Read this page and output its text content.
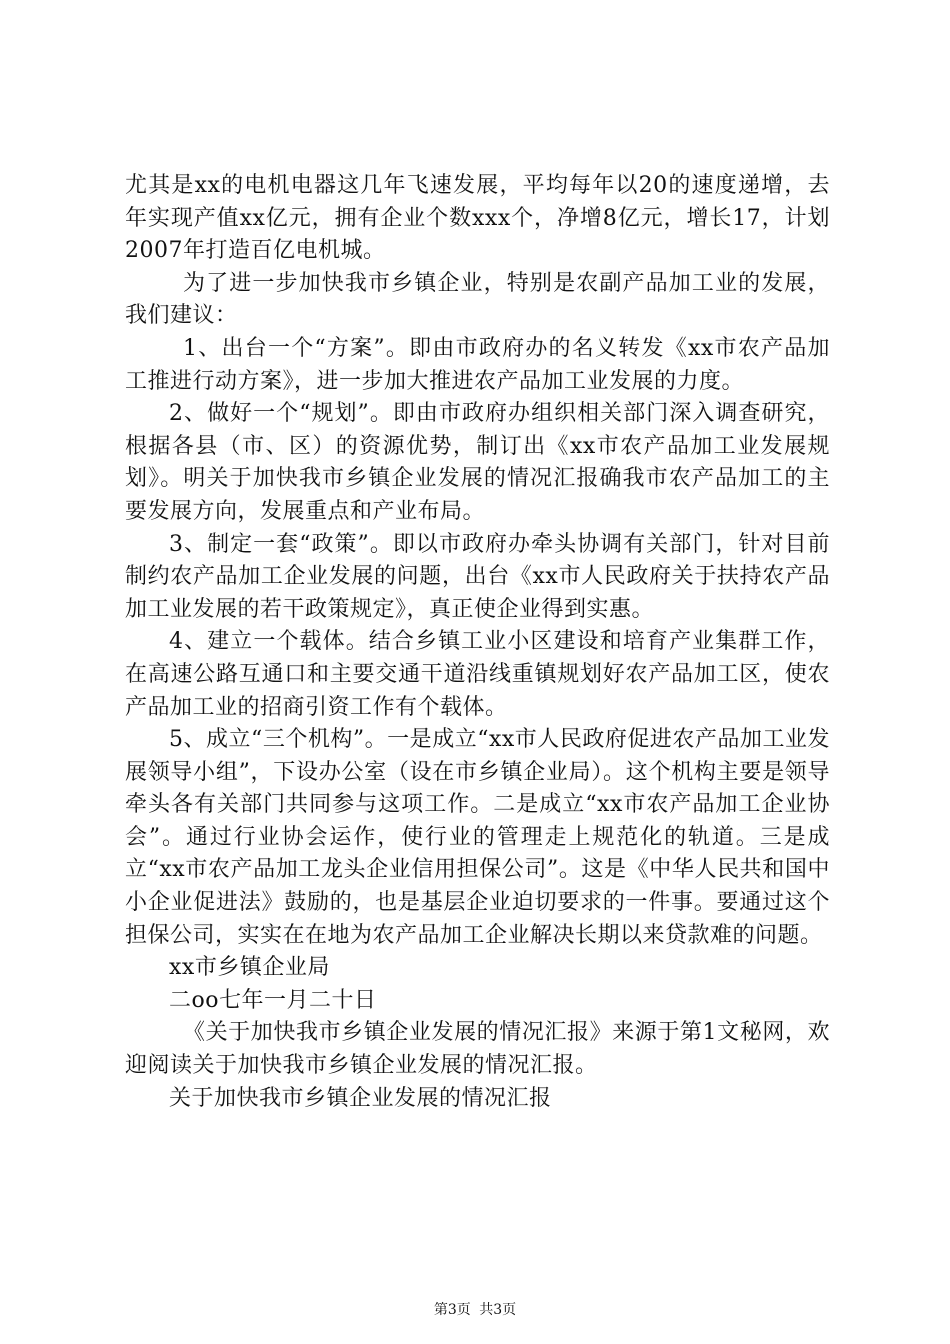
尤其是xx的电机电器这几年飞速发展，平均每年以20的速度递增，去年实现产值xx亿元，拥有企业个数xxx个，净增8亿元，增长17，计划2007年打造百亿电机城。

为了进一步加快我市乡镇企业，特别是农副产品加工业的发展，我们建议：

1、出台一个“方案”。即由市政府办的名义转发《xx市农产品加工推进行动方案》，进一步加大推进农产品加工业发展的力度。

2、做好一个“规划”。即由市政府办组织相关部门深入调查研究，根据各县（市、区）的资源优势，制订出《xx市农产品加工业发展规划》。明关于加快我市乡镇企业发展的情况汇报确我市农产品加工的主要发展方向，发展重点和产业布局。

3、制定一套“政策”。即以市政府办牵头协调有关部门，针对目前制约农产品加工企业发展的问题，出台《xx市人民政府关于扶持农产品加工业发展的若干政策规定》，真正使企业得到实惠。

4、建立一个载体。结合乡镇工业小区建设和培育产业集群工作，在高速公路互通口和主要交通干道沿线重镇规划好农产品加工区，使农产品加工业的招商引资工作有个载体。

5、成立“三个机构”。一是成立“xx市人民政府促进农产品加工业发展领导小组”，下设办公室（设在市乡镇企业局）。这个机构主要是领导牵头各有关部门共同参与这项工作。二是成立“xx市农产品加工企业协会”。通过行业协会运作，使行业的管理走上规范化的轨道。三是成立“xx市农产品加工龙头企业信用担保公司”。这是《中华人民共和国中小企业促进法》鼓励的，也是基层企业迫切要求的一件事。要通过这个担保公司，实实在在地为农产品加工企业解决长期以来贷款难的问题。

xx市乡镇企业局

二oo七年一月二十日

《关于加快我市乡镇企业发展的情况汇报》来源于第1文秘网，欢迎阅读关于加快我市乡镇企业发展的情况汇报。

关于加快我市乡镇企业发展的情况汇报

第3页 共3页
